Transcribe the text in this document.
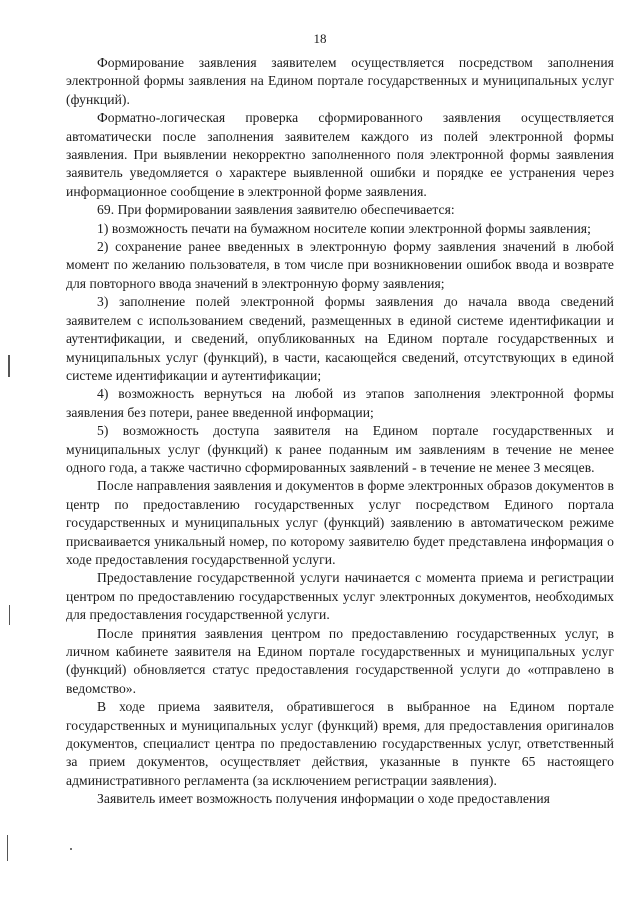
18

Формирование заявления заявителем осуществляется посредством заполнения электронной формы заявления на Едином портале государственных и муниципальных услуг (функций).

Форматно-логическая проверка сформированного заявления осуществляется автоматически после заполнения заявителем каждого из полей электронной формы заявления. При выявлении некорректно заполненного поля электронной формы заявления заявитель уведомляется о характере выявленной ошибки и порядке ее устранения через информационное сообщение в электронной форме заявления.

69. При формировании заявления заявителю обеспечивается:

1) возможность печати на бумажном носителе копии электронной формы заявления;

2) сохранение ранее введенных в электронную форму заявления значений в любой момент по желанию пользователя, в том числе при возникновении ошибок ввода и возврате для повторного ввода значений в электронную форму заявления;

3) заполнение полей электронной формы заявления до начала ввода сведений заявителем с использованием сведений, размещенных в единой системе идентификации и аутентификации, и сведений, опубликованных на Едином портале государственных и муниципальных услуг (функций), в части, касающейся сведений, отсутствующих в единой системе идентификации и аутентификации;

4) возможность вернуться на любой из этапов заполнения электронной формы заявления без потери, ранее введенной информации;

5) возможность доступа заявителя на Едином портале государственных и муниципальных услуг (функций) к ранее поданным им заявлениям в течение не менее одного года, а также частично сформированных заявлений - в течение не менее 3 месяцев.

После направления заявления и документов в форме электронных образов документов в центр по предоставлению государственных услуг посредством Единого портала государственных и муниципальных услуг (функций) заявлению в автоматическом режиме присваивается уникальный номер, по которому заявителю будет представлена информация о ходе предоставления государственной услуги.

Предоставление государственной услуги начинается с момента приема и регистрации центром по предоставлению государственных услуг электронных документов, необходимых для предоставления государственной услуги.

После принятия заявления центром по предоставлению государственных услуг, в личном кабинете заявителя на Едином портале государственных и муниципальных услуг (функций) обновляется статус предоставления государственной услуги до «отправлено в ведомство».

В ходе приема заявителя, обратившегося в выбранное на Едином портале государственных и муниципальных услуг (функций) время, для предоставления оригиналов документов, специалист центра по предоставлению государственных услуг, ответственный за прием документов, осуществляет действия, указанные в пункте 65 настоящего административного регламента (за исключением регистрации заявления).

Заявитель имеет возможность получения информации о ходе предоставления
